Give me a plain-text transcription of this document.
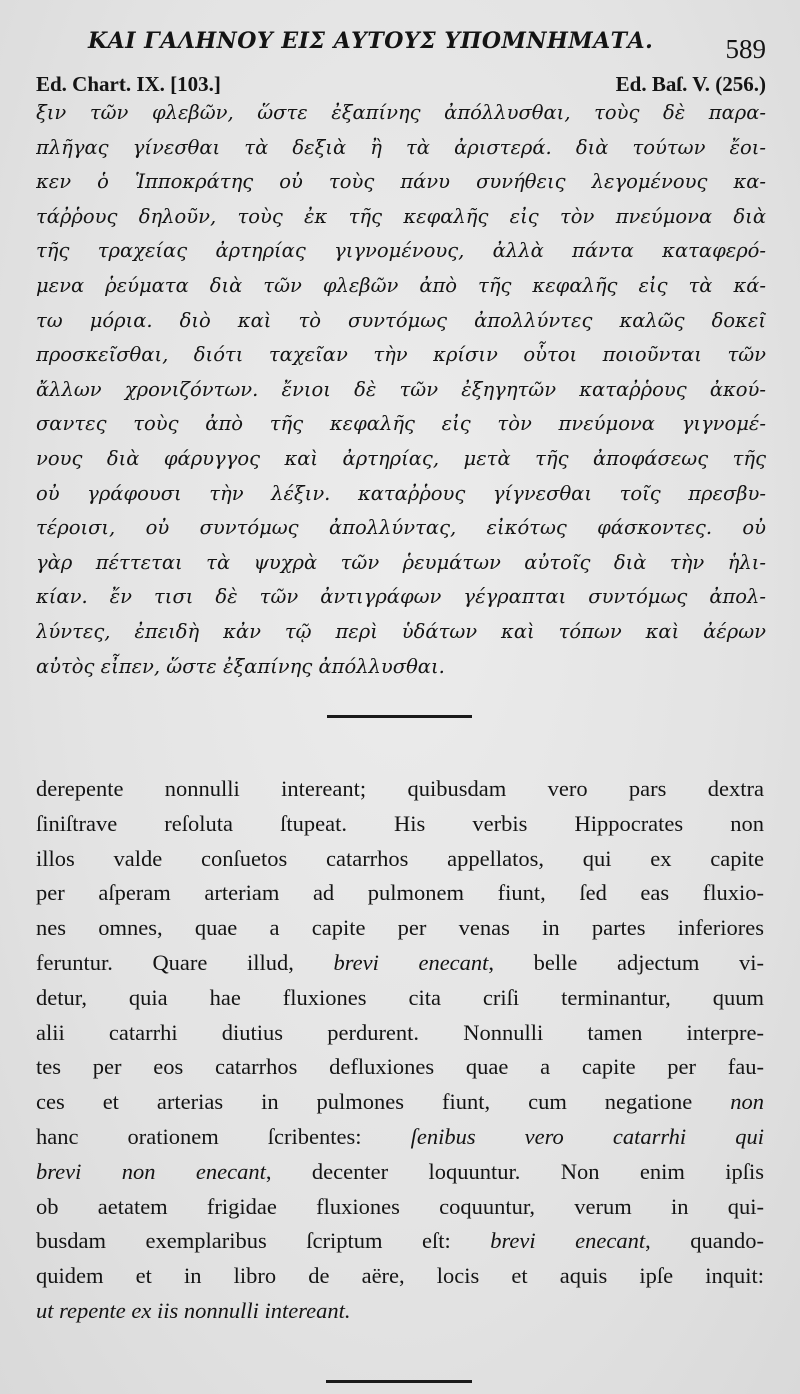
ΚΑΙ ΓΑΛΗΝΟΥ ΕΙΣ ΑΥΤΟΥΣ ΥΠΟΜΝΗΜΑΤΑ.	589
Ed. Chart. IX. [103.]	Ed. Baſ. V. (256.)
ξιν τῶν φλεβῶν, ὥστε ἐξαπίνης ἀπόλλυσθαι, τοὺς δὲ παρα-
πλῆγας γίνεσθαι τὰ δεξιὰ ἢ τὰ ἀριστερά. διὰ τούτων ἔοι-
κεν ὁ Ἱπποκράτης οὐ τοὺς πάνυ συνήθεις λεγομένους κα-
τάῤῥους δηλοῦν, τοὺς ἐκ τῆς κεφαλῆς εἰς τὸν πνεύμονα διὰ
τῆς τραχείας ἀρτηρίας γιγνομένους, ἀλλὰ πάντα καταφερό-
μενα ῥεύματα διὰ τῶν φλεβῶν ἀπὸ τῆς κεφαλῆς εἰς τὰ κά-
τω μόρια. διὸ καὶ τὸ συντόμως ἀπολλύντες καλῶς δοκεῖ
προσκεῖσθαι, διότι ταχεῖαν τὴν κρίσιν οὗτοι ποιοῦνται τῶν
ἄλλων χρονιζόντων. ἔνιοι δὲ τῶν ἐξηγητῶν καταῤῥους ἀκού-
σαντες τοὺς ἀπὸ τῆς κεφαλῆς εἰς τὸν πνεύμονα γιγνομέ-
νους διὰ φάρυγγος καὶ ἀρτηρίας, μετὰ τῆς ἀποφάσεως τῆς
οὐ γράφουσι τὴν λέξιν. καταῤῥους γίγνεσθαι τοῖς πρεσβυ-
τέροισι, οὐ συντόμως ἀπολλύντας, εἰκότως φάσκοντες. οὐ
γὰρ πέττεται τὰ ψυχρὰ τῶν ῥευμάτων αὐτοῖς διὰ τὴν ἡλι-
κίαν. ἔν τισι δὲ τῶν ἀντιγράφων γέγραπται συντόμως ἀπολ-
λύντες, ἐπειδὴ κἀν τῷ περὶ ὑδάτων καὶ τόπων καὶ ἀέρων
αὐτὸς εἶπεν, ὥστε ἐξαπίνης ἀπόλλυσθαι.
derepente nonnulli intereant; quibusdam vero pars dextra
ſiniſtrave reſoluta ſtupeat. His verbis Hippocrates non
illos valde conſuetos catarrhos appellatos, qui ex capite
per aſperam arteriam ad pulmonem fiunt, ſed eas fluxio-
nes omnes, quae a capite per venas in partes inferiores
feruntur. Quare illud, brevi enecant, belle adjectum vi-
detur, quia hae fluxiones cita criſi terminantur, quum
alii catarrhi diutius perdurent. Nonnulli tamen interpre-
tes per eos catarrhos defluxiones quae a capite per fau-
ces et arterias in pulmones fiunt, cum negatione non
hanc orationem ſcribentes: ſenibus vero catarrhi qui
brevi non enecant, decenter loquuntur. Non enim ipſis
ob aetatem frigidae fluxiones coquuntur, verum in qui-
busdam exemplaribus ſcriptum eſt: brevi enecant, quando-
quidem et in libro de aëre, locis et aquis ipſe inquit:
ut repente ex iis nonnulli intereant.
